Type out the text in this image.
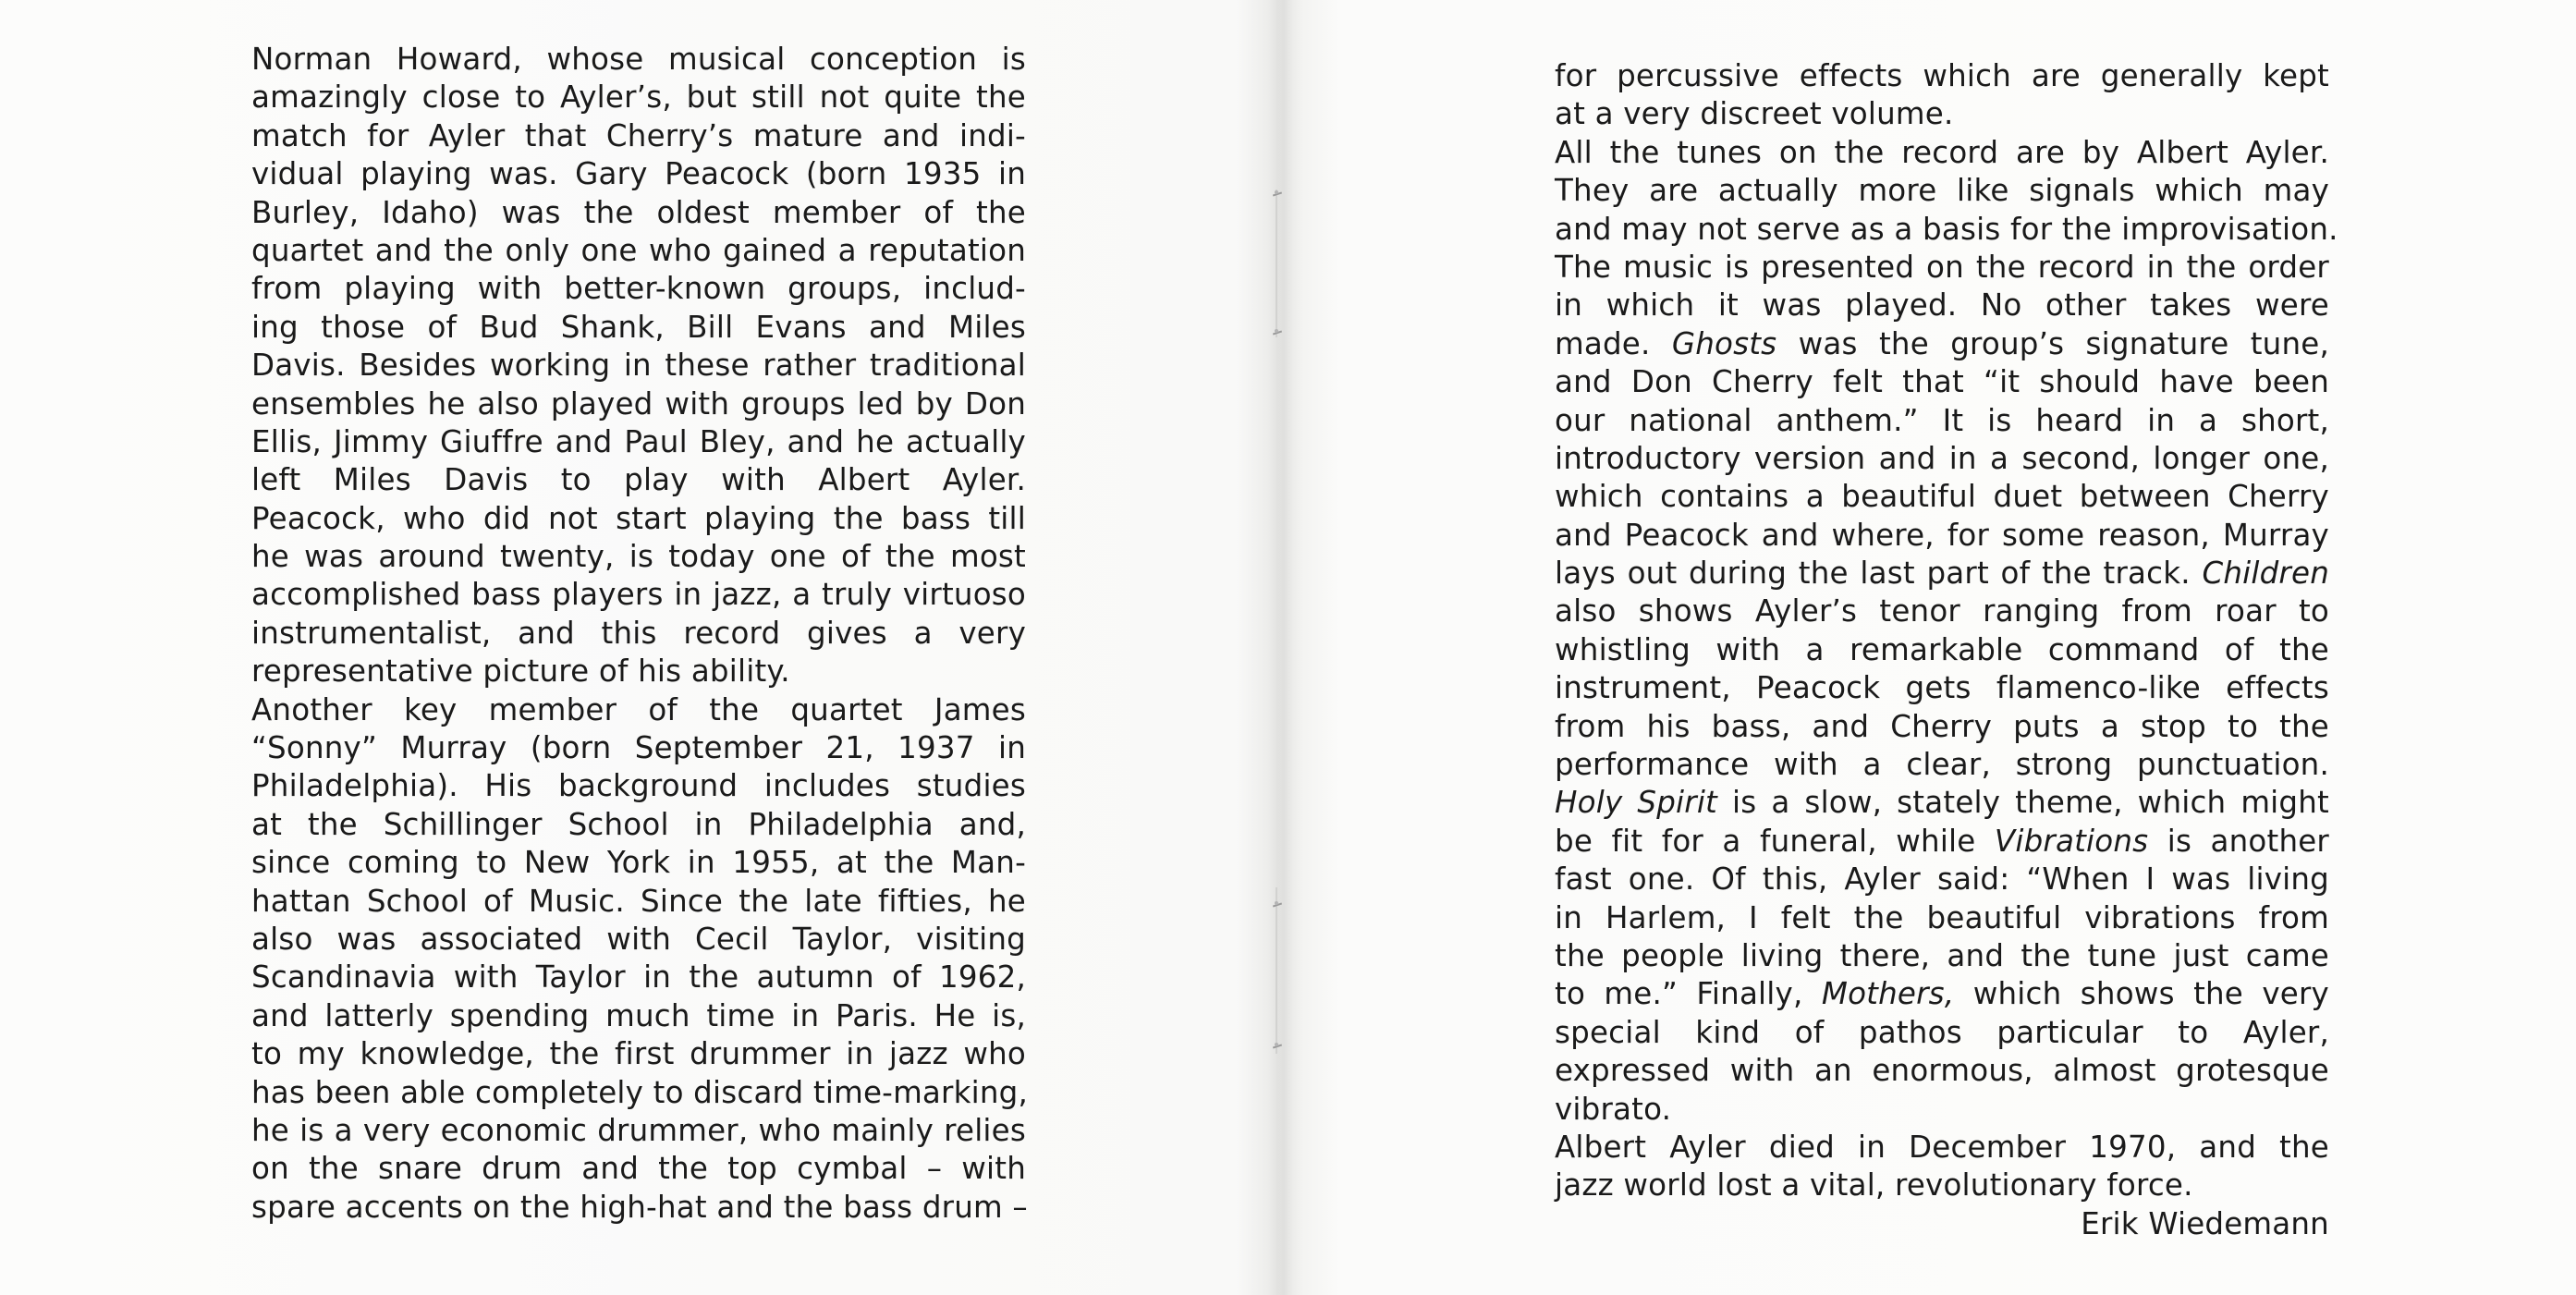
Norman Howard, whose musical conception is
amazingly close to Ayler’s, but still not quite the
match for Ayler that Cherry’s mature and indi-
vidual playing was. Gary Peacock (born 1935 in
Burley, Idaho) was the oldest member of the
quartet and the only one who gained a reputation
from playing with better-known groups, includ-
ing those of Bud Shank, Bill Evans and Miles
Davis. Besides working in these rather traditional
ensembles he also played with groups led by Don
Ellis, Jimmy Giuffre and Paul Bley, and he actually
left Miles Davis to play with Albert Ayler.
Peacock, who did not start playing the bass till
he was around twenty, is today one of the most
accomplished bass players in jazz, a truly virtuoso
instrumentalist, and this record gives a very
representative picture of his ability.
Another key member of the quartet James
“Sonny” Murray (born September 21, 1937 in
Philadelphia). His background includes studies
at the Schillinger School in Philadelphia and,
since coming to New York in 1955, at the Man-
hattan School of Music. Since the late fifties, he
also was associated with Cecil Taylor, visiting
Scandinavia with Taylor in the autumn of 1962,
and latterly spending much time in Paris. He is,
to my knowledge, the first drummer in jazz who
has been able completely to discard time-marking,
he is a very economic drummer, who mainly relies
on the snare drum and the top cymbal – with
spare accents on the high-hat and the bass drum –
for percussive effects which are generally kept
at a very discreet volume.
All the tunes on the record are by Albert Ayler.
They are actually more like signals which may
and may not serve as a basis for the improvisation.
The music is presented on the record in the order
in which it was played. No other takes were
made. Ghosts was the group’s signature tune,
and Don Cherry felt that “it should have been
our national anthem.” It is heard in a short,
introductory version and in a second, longer one,
which contains a beautiful duet between Cherry
and Peacock and where, for some reason, Murray
lays out during the last part of the track. Children
also shows Ayler’s tenor ranging from roar to
whistling with a remarkable command of the
instrument, Peacock gets flamenco-like effects
from his bass, and Cherry puts a stop to the
performance with a clear, strong punctuation.
Holy Spirit is a slow, stately theme, which might
be fit for a funeral, while Vibrations is another
fast one. Of this, Ayler said: “When I was living
in Harlem, I felt the beautiful vibrations from
the people living there, and the tune just came
to me.” Finally, Mothers, which shows the very
special kind of pathos particular to Ayler,
expressed with an enormous, almost grotesque
vibrato.
Albert Ayler died in December 1970, and the
jazz world lost a vital, revolutionary force.
Erik Wiedemann
